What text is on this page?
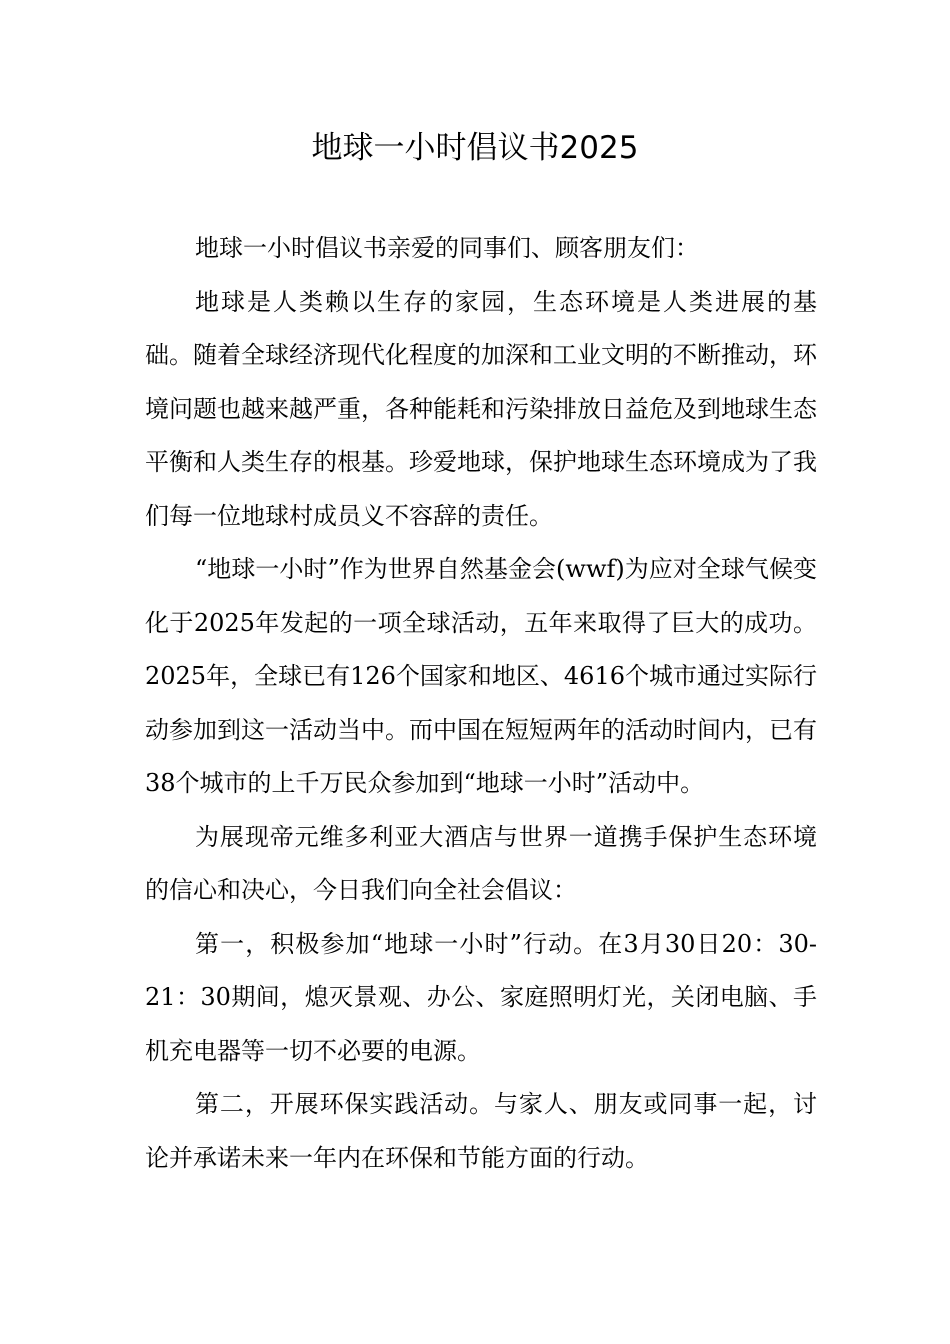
地球一小时倡议书2025

地球一小时倡议书亲爱的同事们、顾客朋友们：

地球是人类赖以生存的家园，生态环境是人类进展的基础。随着全球经济现代化程度的加深和工业文明的不断推动，环境问题也越来越严重，各种能耗和污染排放日益危及到地球生态平衡和人类生存的根基。珍爱地球，保护地球生态环境成为了我们每一位地球村成员义不容辞的责任。

“地球一小时”作为世界自然基金会(wwf)为应对全球气候变化于2025年发起的一项全球活动，五年来取得了巨大的成功。2025年，全球已有126个国家和地区、4616个城市通过实际行动参加到这一活动当中。而中国在短短两年的活动时间内，已有38个城市的上千万民众参加到“地球一小时”活动中。

为展现帝元维多利亚大酒店与世界一道携手保护生态环境的信心和决心，今日我们向全社会倡议：

第一，积极参加“地球一小时”行动。在3月30日20：30-21：30期间，熄灭景观、办公、家庭照明灯光，关闭电脑、手机充电器等一切不必要的电源。

第二，开展环保实践活动。与家人、朋友或同事一起，讨论并承诺未来一年内在环保和节能方面的行动。
